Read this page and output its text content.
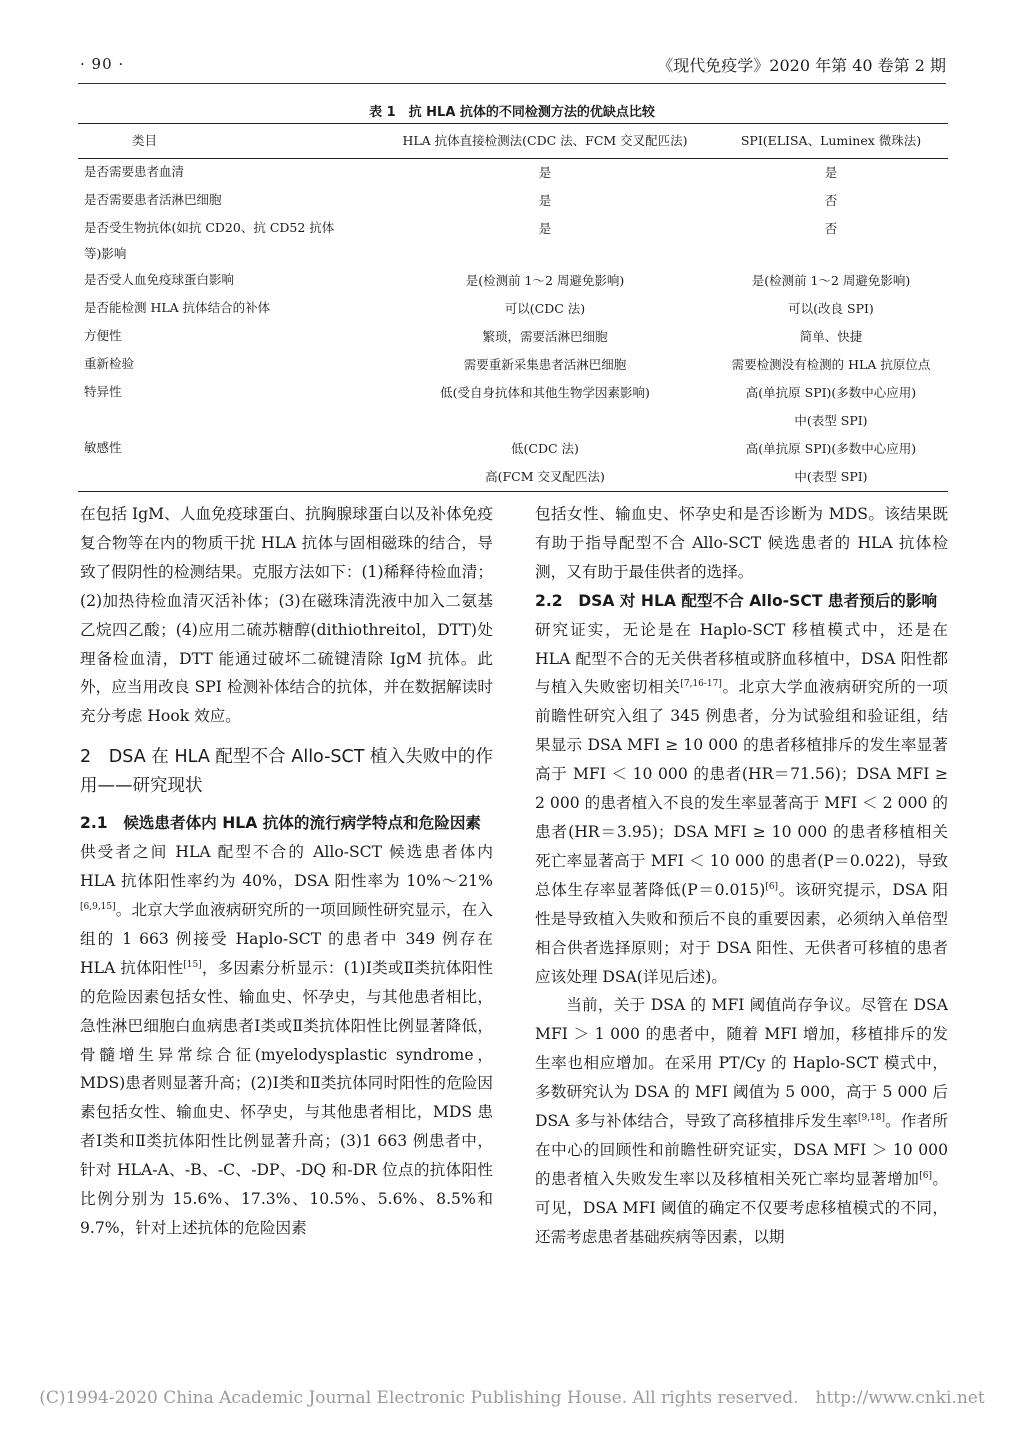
· 90 ·	《现代免疫学》2020 年第 40 卷第 2 期
表 1　抗 HLA 抗体的不同检测方法的优缺点比较
类目	HLA 抗体直接检测法(CDC 法、FCM 交叉配匹法)	SPI(ELISA、Luminex 微珠法)
是否需要患者血清	是	是
是否需要患者活淋巴细胞	是	否
是否受生物抗体(如抗 CD20、抗 CD52 抗体等)影响	是	否
是否受人血免疫球蛋白影响	是(检测前 1～2 周避免影响)	是(检测前 1～2 周避免影响)
是否能检测 HLA 抗体结合的补体	可以(CDC 法)	可以(改良 SPI)
方便性	繁琐，需要活淋巴细胞	简单、快捷
重新检验	需要重新采集患者活淋巴细胞	需要检测没有检测的 HLA 抗原位点
特异性	低(受自身抗体和其他生物学因素影响)	高(单抗原 SPI)(多数中心应用)
		中(表型 SPI)
敏感性	低(CDC 法)	高(单抗原 SPI)(多数中心应用)
	高(FCM 交叉配匹法)	中(表型 SPI)

在包括 IgM、人血免疫球蛋白、抗胸腺球蛋白以及补体免疫复合物等在内的物质干扰 HLA 抗体与固相磁珠的结合，导致了假阴性的检测结果。克服方法如下：(1)稀释待检血清；(2)加热待检血清灭活补体；(3)在磁珠清洗液中加入二氨基乙烷四乙酸；(4)应用二硫苏糖醇(dithiothreitol，DTT)处理备检血清，DTT 能通过破坏二硫键清除 IgM 抗体。此外，应当用改良 SPI 检测补体结合的抗体，并在数据解读时充分考虑 Hook 效应。

2　DSA 在 HLA 配型不合 Allo-SCT 植入失败中的作用——研究现状

2.1　候选患者体内 HLA 抗体的流行病学特点和危险因素　供受者之间 HLA 配型不合的 Allo-SCT 候选患者体内 HLA 抗体阳性率约为 40%，DSA 阳性率为 10%～21%[6,9,15]。北京大学血液病研究所的一项回顾性研究显示，在入组的 1 663 例接受 Haplo-SCT 的患者中 349 例存在 HLA 抗体阳性[15]，多因素分析显示：(1)Ⅰ类或Ⅱ类抗体阳性的危险因素包括女性、输血史、怀孕史，与其他患者相比，急性淋巴细胞白血病患者Ⅰ类或Ⅱ类抗体阳性比例显著降低，骨髓增生异常综合征(myelodysplastic syndrome，MDS)患者则显著升高；(2)Ⅰ类和Ⅱ类抗体同时阳性的危险因素包括女性、输血史、怀孕史，与其他患者相比，MDS 患者Ⅰ类和Ⅱ类抗体阳性比例显著升高；(3)1 663 例患者中，针对 HLA-A、-B、-C、-DP、-DQ 和-DR 位点的抗体阳性比例分别为 15.6%、17.3%、10.5%、5.6%、8.5%和 9.7%，针对上述抗体的危险因素

包括女性、输血史、怀孕史和是否诊断为 MDS。该结果既有助于指导配型不合 Allo-SCT 候选患者的 HLA 抗体检测，又有助于最佳供者的选择。

2.2　DSA 对 HLA 配型不合 Allo-SCT 患者预后的影响　研究证实，无论是在 Haplo-SCT 移植模式中，还是在 HLA 配型不合的无关供者移植或脐血移植中，DSA 阳性都与植入失败密切相关[7,16-17]。北京大学血液病研究所的一项前瞻性研究入组了 345 例患者，分为试验组和验证组，结果显示 DSA MFI ≥ 10 000 的患者移植排斥的发生率显著高于 MFI ＜ 10 000 的患者(HR＝71.56)；DSA MFI ≥ 2 000 的患者植入不良的发生率显著高于 MFI ＜ 2 000 的患者(HR＝3.95)；DSA MFI ≥ 10 000 的患者移植相关死亡率显著高于 MFI ＜ 10 000 的患者(P＝0.022)，导致总体生存率显著降低(P＝0.015)[6]。该研究提示，DSA 阳性是导致植入失败和预后不良的重要因素，必须纳入单倍型相合供者选择原则；对于 DSA 阳性、无供者可移植的患者应该处理 DSA(详见后述)。

当前，关于 DSA 的 MFI 阈值尚存争议。尽管在 DSA MFI ＞ 1 000 的患者中，随着 MFI 增加，移植排斥的发生率也相应增加。在采用 PT/Cy 的 Haplo-SCT 模式中，多数研究认为 DSA 的 MFI 阈值为 5 000，高于 5 000 后 DSA 多与补体结合，导致了高移植排斥发生率[9,18]。作者所在中心的回顾性和前瞻性研究证实，DSA MFI ＞ 10 000 的患者植入失败发生率以及移植相关死亡率均显著增加[6]。可见，DSA MFI 阈值的确定不仅要考虑移植模式的不同，还需考虑患者基础疾病等因素，以期

(C)1994-2020 China Academic Journal Electronic Publishing House. All rights reserved.　http://www.cnki.net
